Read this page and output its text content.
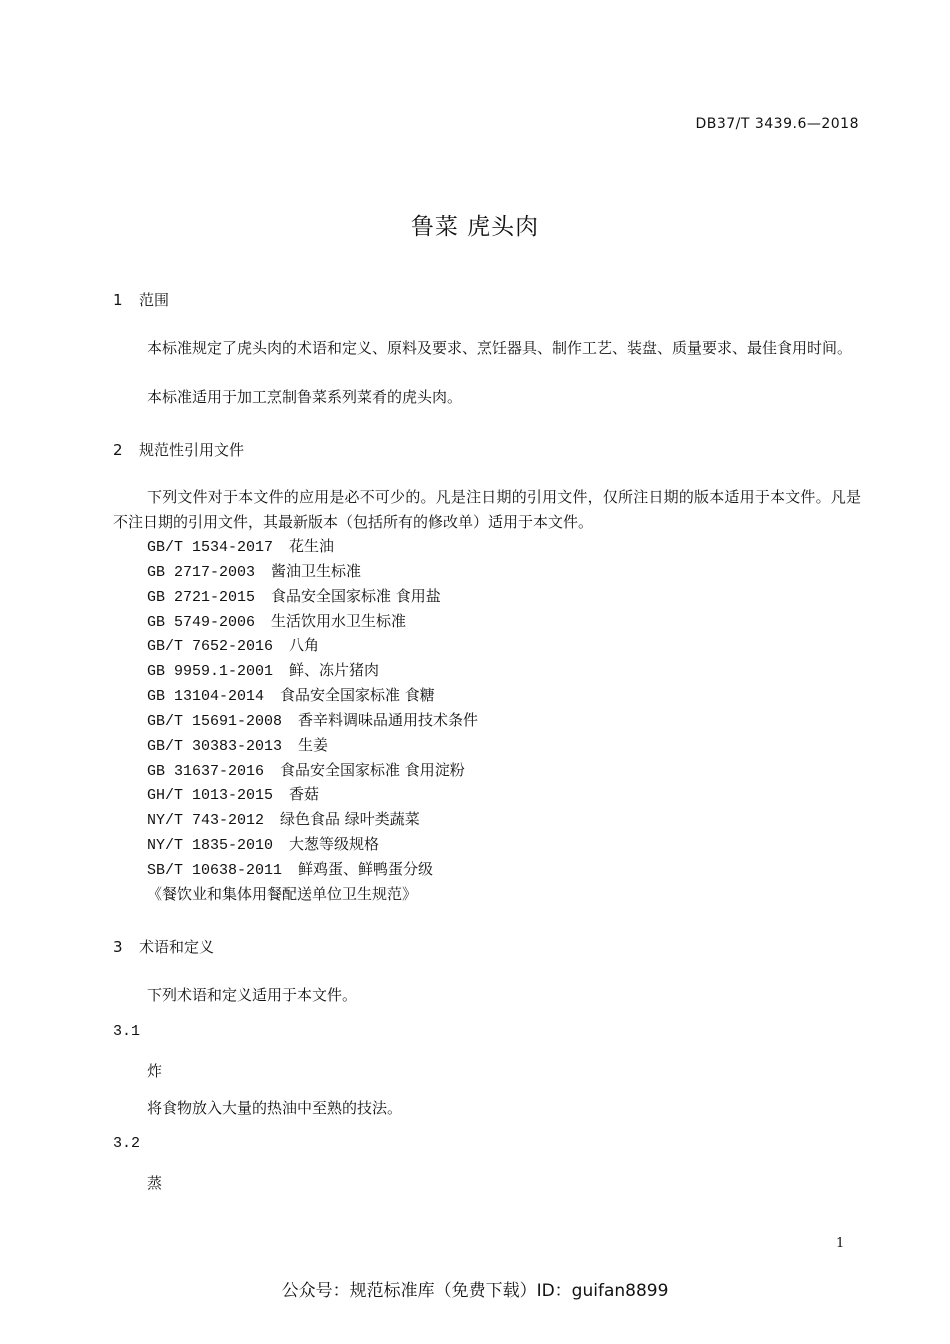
DB37/T 3439.6—2018
鲁菜 虎头肉
1 范围

本标准规定了虎头肉的术语和定义、原料及要求、烹饪器具、制作工艺、装盘、质量要求、最佳食用时间。

本标准适用于加工烹制鲁菜系列菜肴的虎头肉。

2 规范性引用文件

下列文件对于本文件的应用是必不可少的。凡是注日期的引用文件，仅所注日期的版本适用于本文件。凡是不注日期的引用文件，其最新版本（包括所有的修改单）适用于本文件。

GB/T 1534-2017 花生油
GB 2717-2003 酱油卫生标准
GB 2721-2015 食品安全国家标准 食用盐
GB 5749-2006 生活饮用水卫生标准
GB/T 7652-2016 八角
GB 9959.1-2001 鲜、冻片猪肉
GB 13104-2014 食品安全国家标准 食糖
GB/T 15691-2008 香辛料调味品通用技术条件
GB/T 30383-2013 生姜
GB 31637-2016 食品安全国家标准 食用淀粉
GH/T 1013-2015 香菇
NY/T 743-2012 绿色食品 绿叶类蔬菜
NY/T 1835-2010 大葱等级规格
SB/T 10638-2011 鲜鸡蛋、鲜鸭蛋分级
《餐饮业和集体用餐配送单位卫生规范》
3 术语和定义

下列术语和定义适用于本文件。

3.1
炸
将食物放入大量的热油中至熟的技法。
3.2
蒸
1
公众号：规范标准库（免费下载）ID：guifan8899
